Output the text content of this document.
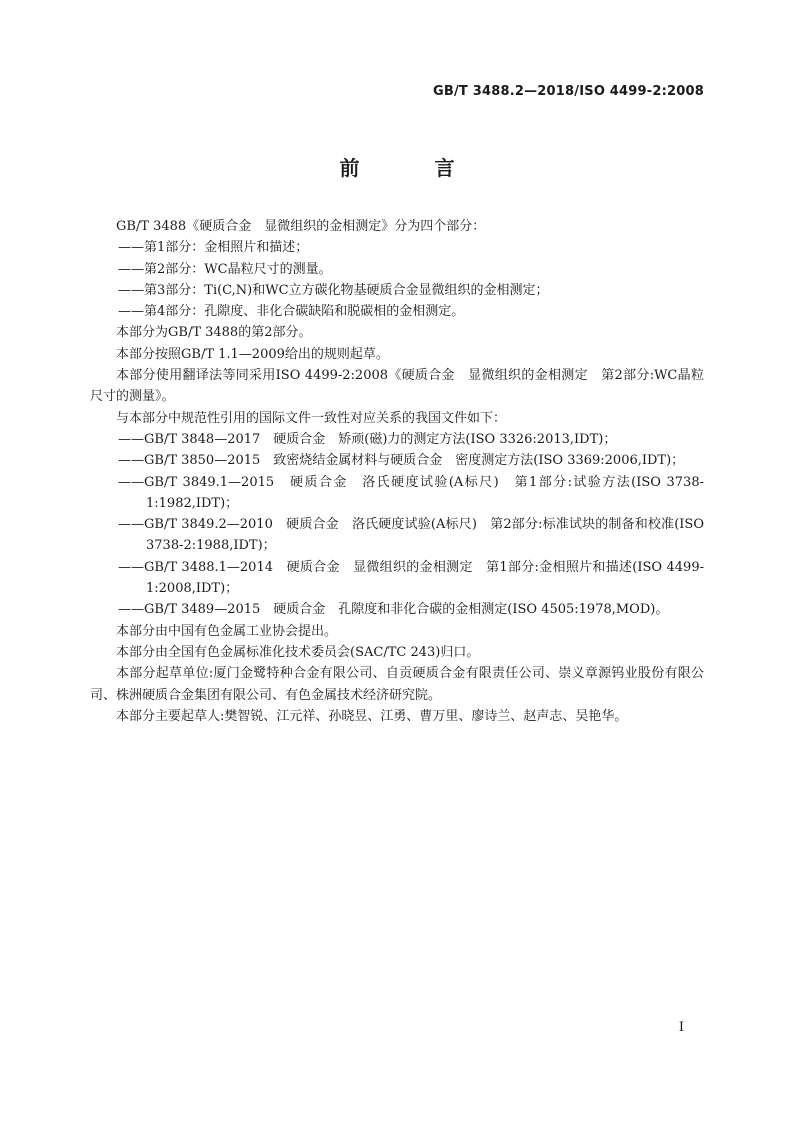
GB/T 3488.2—2018/ISO 4499-2:2008
前 言
GB/T 3488《硬质合金　显微组织的金相测定》分为四个部分：
——第1部分：金相照片和描述；
——第2部分：WC晶粒尺寸的测量。
——第3部分：Ti(C,N)和WC立方碳化物基硬质合金显微组织的金相测定；
——第4部分：孔隙度、非化合碳缺陷和脱碳相的金相测定。
本部分为GB/T 3488的第2部分。
本部分按照GB/T 1.1—2009给出的规则起草。
本部分使用翻译法等同采用ISO 4499-2:2008《硬质合金　显微组织的金相测定　第2部分:WC晶粒尺寸的测量》。
与本部分中规范性引用的国际文件一致性对应关系的我国文件如下：
——GB/T 3848—2017　硬质合金　矫顽(磁)力的测定方法(ISO 3326:2013,IDT)；
——GB/T 3850—2015　致密烧结金属材料与硬质合金　密度测定方法(ISO 3369:2006,IDT)；
——GB/T 3849.1—2015　硬质合金　洛氏硬度试验(A标尺)　第1部分:试验方法(ISO 3738-1:1982,IDT)；
——GB/T 3849.2—2010　硬质合金　洛氏硬度试验(A标尺)　第2部分:标准试块的制备和校准(ISO 3738-2:1988,IDT)；
——GB/T 3488.1—2014　硬质合金　显微组织的金相测定　第1部分:金相照片和描述(ISO 4499-1:2008,IDT)；
——GB/T 3489—2015　硬质合金　孔隙度和非化合碳的金相测定(ISO 4505:1978,MOD)。
本部分由中国有色金属工业协会提出。
本部分由全国有色金属标准化技术委员会(SAC/TC 243)归口。
本部分起草单位:厦门金鹭特种合金有限公司、自贡硬质合金有限责任公司、崇义章源钨业股份有限公司、株洲硬质合金集团有限公司、有色金属技术经济研究院。
本部分主要起草人:樊智锐、江元祥、孙晓昱、江勇、曹万里、廖诗兰、赵声志、吴艳华。
I
